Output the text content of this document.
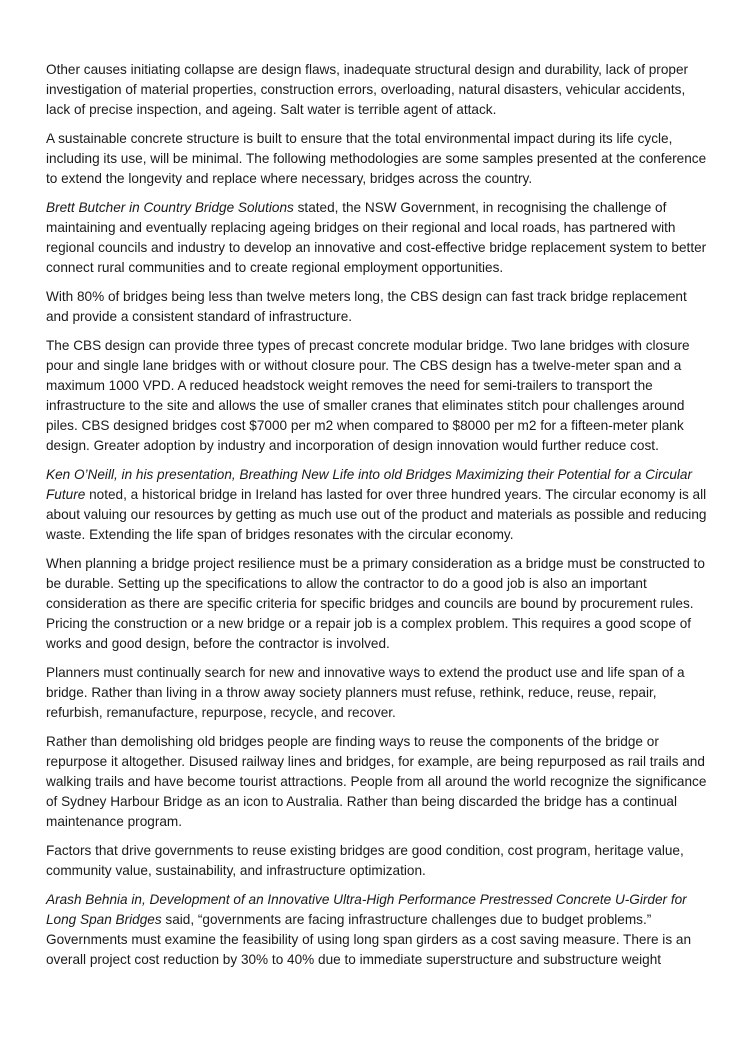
Other causes initiating collapse are design flaws, inadequate structural design and durability, lack of proper investigation of material properties, construction errors, overloading, natural disasters, vehicular accidents, lack of precise inspection, and ageing. Salt water is terrible agent of attack.

A sustainable concrete structure is built to ensure that the total environmental impact during its life cycle, including its use, will be minimal. The following methodologies are some samples presented at the conference to extend the longevity and replace where necessary, bridges across the country.

Brett Butcher in Country Bridge Solutions stated, the NSW Government, in recognising the challenge of maintaining and eventually replacing ageing bridges on their regional and local roads, has partnered with regional councils and industry to develop an innovative and cost-effective bridge replacement system to better connect rural communities and to create regional employment opportunities.

With 80% of bridges being less than twelve meters long, the CBS design can fast track bridge replacement and provide a consistent standard of infrastructure.

The CBS design can provide three types of precast concrete modular bridge. Two lane bridges with closure pour and single lane bridges with or without closure pour. The CBS design has a twelve-meter span and a maximum 1000 VPD. A reduced headstock weight removes the need for semi-trailers to transport the infrastructure to the site and allows the use of smaller cranes that eliminates stitch pour challenges around piles. CBS designed bridges cost $7000 per m2 when compared to $8000 per m2 for a fifteen-meter plank design. Greater adoption by industry and incorporation of design innovation would further reduce cost.

Ken O’Neill, in his presentation, Breathing New Life into old Bridges Maximizing their Potential for a Circular Future noted, a historical bridge in Ireland has lasted for over three hundred years. The circular economy is all about valuing our resources by getting as much use out of the product and materials as possible and reducing waste. Extending the life span of bridges resonates with the circular economy.

When planning a bridge project resilience must be a primary consideration as a bridge must be constructed to be durable. Setting up the specifications to allow the contractor to do a good job is also an important consideration as there are specific criteria for specific bridges and councils are bound by procurement rules. Pricing the construction or a new bridge or a repair job is a complex problem. This requires a good scope of works and good design, before the contractor is involved.

Planners must continually search for new and innovative ways to extend the product use and life span of a bridge. Rather than living in a throw away society planners must refuse, rethink, reduce, reuse, repair, refurbish, remanufacture, repurpose, recycle, and recover.

Rather than demolishing old bridges people are finding ways to reuse the components of the bridge or repurpose it altogether. Disused railway lines and bridges, for example, are being repurposed as rail trails and walking trails and have become tourist attractions. People from all around the world recognize the significance of Sydney Harbour Bridge as an icon to Australia. Rather than being discarded the bridge has a continual maintenance program.

Factors that drive governments to reuse existing bridges are good condition, cost program, heritage value, community value, sustainability, and infrastructure optimization.

Arash Behnia in, Development of an Innovative Ultra-High Performance Prestressed Concrete U-Girder for Long Span Bridges said, “governments are facing infrastructure challenges due to budget problems.” Governments must examine the feasibility of using long span girders as a cost saving measure. There is an overall project cost reduction by 30% to 40% due to immediate superstructure and substructure weight
